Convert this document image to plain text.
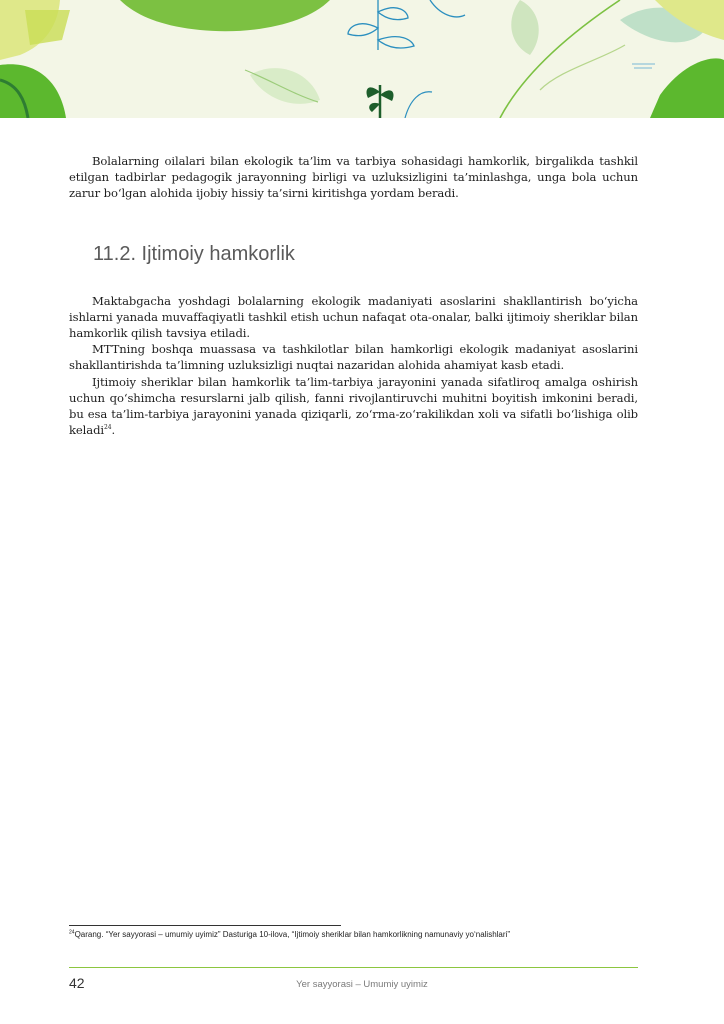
Bolalarning oilalari bilan ekologik ta’lim va tarbiya sohasidagi hamkorlik, birgalikda tashkil etilgan tadbirlar pedagogik jarayonning birligi va uzluksizligini ta’minlashga, unga bola uchun zarur bo‘lgan alohida ijobiy hissiy ta’sirni kiritishga yordam beradi.

11.2. Ijtimoiy hamkorlik

Maktabgacha yoshdagi bolalarning ekologik madaniyati asoslarini shakllantirish bo‘yicha ishlarni yanada muvaffaqiyatli tashkil etish uchun nafaqat ota-onalar, balki ijtimoiy sheriklar bilan hamkorlik qilish tavsiya etiladi.

MTTning boshqa muassasa va tashkilotlar bilan hamkorligi ekologik madaniyat asoslarini shakllantirishda ta’limning uzluksizligi nuqtai nazaridan alohida ahamiyat kasb etadi.

Ijtimoiy sheriklar bilan hamkorlik ta’lim-tarbiya jarayonini yanada sifatliroq amalga oshirish uchun qo‘shimcha resurslarni jalb qilish, fanni rivojlantiruvchi muhitni boyitish imkonini beradi, bu esa ta’lim-tarbiya jarayonini yanada qiziqarli, zo‘rma-zo‘rakilikdan xoli va sifatli bo‘lishiga olib keladi$^{24}$.

$^{24}$Qarang. “Yer sayyorasi – umumiy uyimiz” Dasturiga 10-ilova, “Ijtimoiy sheriklar bilan hamkorlikning namunaviy yo‘nalishlari”
42	Yer sayyorasi – Umumiy uyimiz
